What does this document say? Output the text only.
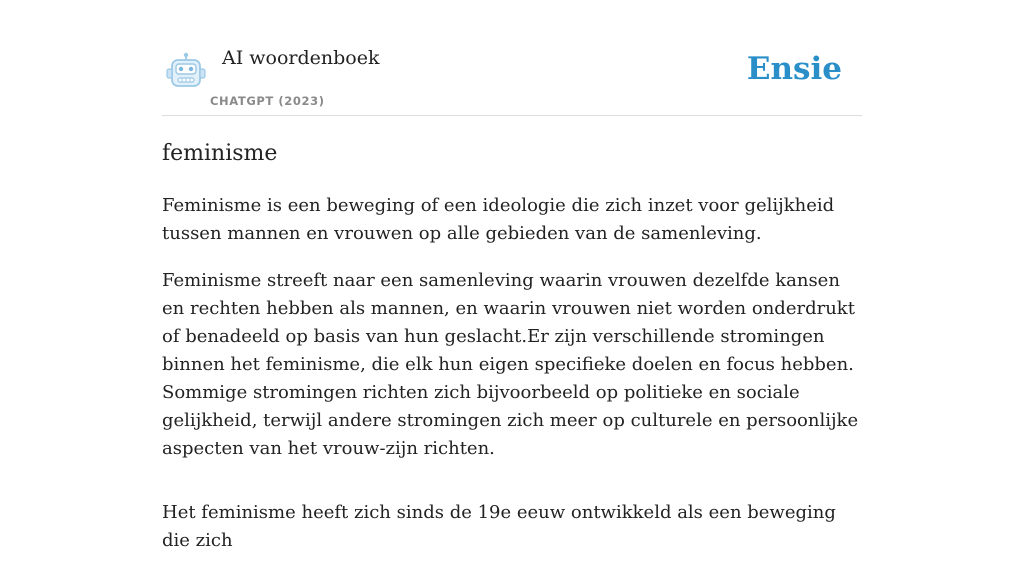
AI woordenboek
CHATGPT (2023)
Ensie
feminisme

Feminisme is een beweging of een ideologie die zich inzet voor gelijkheid tussen mannen en vrouwen op alle gebieden van de samenleving.

Feminisme streeft naar een samenleving waarin vrouwen dezelfde kansen en rechten hebben als mannen, en waarin vrouwen niet worden onderdrukt of benadeeld op basis van hun geslacht.Er zijn verschillende stromingen binnen het feminisme, die elk hun eigen specifieke doelen en focus hebben. Sommige stromingen richten zich bijvoorbeeld op politieke en sociale gelijkheid, terwijl andere stromingen zich meer op culturele en persoonlijke aspecten van het vrouw-zijn richten.

Het feminisme heeft zich sinds de 19e eeuw ontwikkeld als een beweging die zich
